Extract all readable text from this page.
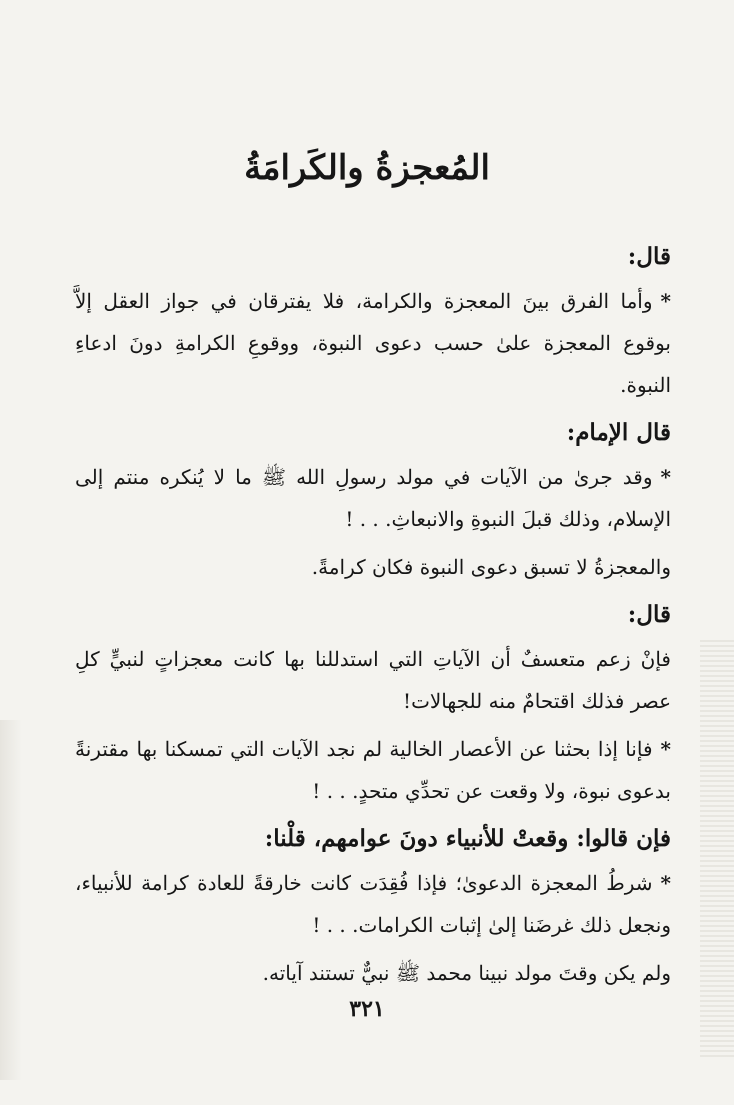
المُعجزةُ والكَرامَةُ
قال:

*وأما الفرق بينَ المعجزة والكرامة، فلا يفترقان في جواز العقل إلاَّ بوقوع المعجزة علىٰ حسب دعوى النبوة، ووقوعِ الكرامةِ دونَ ادعاءِ النبوة.

قال الإمام:

*وقد جرىٰ من الآيات في مولد رسولِ الله ﷺ ما لا يُنكره منتم إلى الإسلام، وذلك قبلَ النبوةِ والانبعاثِ. . . !

والمعجزةُ لا تسبق دعوى النبوة فكان كرامةً.

قال:

فإنْ زعم متعسفٌ أن الآياتِ التي استدللنا بها كانت معجزاتٍ لنبيٍّ كلِ عصر فذلك اقتحامٌ منه للجهالات!

*فإنا إذا بحثنا عن الأعصار الخالية لم نجد الآيات التي تمسكنا بها مقترنةً بدعوى نبوة، ولا وقعت عن تحدِّي متحدٍ. . . !

فإن قالوا: وقعتْ للأنبياء دونَ عوامهم، قلْنا:

*شرطُ المعجزة الدعوىٰ؛ فإذا فُقِدَت كانت خارقةً للعادة كرامة للأنبياء، ونجعل ذلك غرضَنا إلىٰ إثبات الكرامات. . . !

ولم يكن وقتَ مولد نبينا محمد ﷺ نبيٌّ تستند آياته.

٣٢١
